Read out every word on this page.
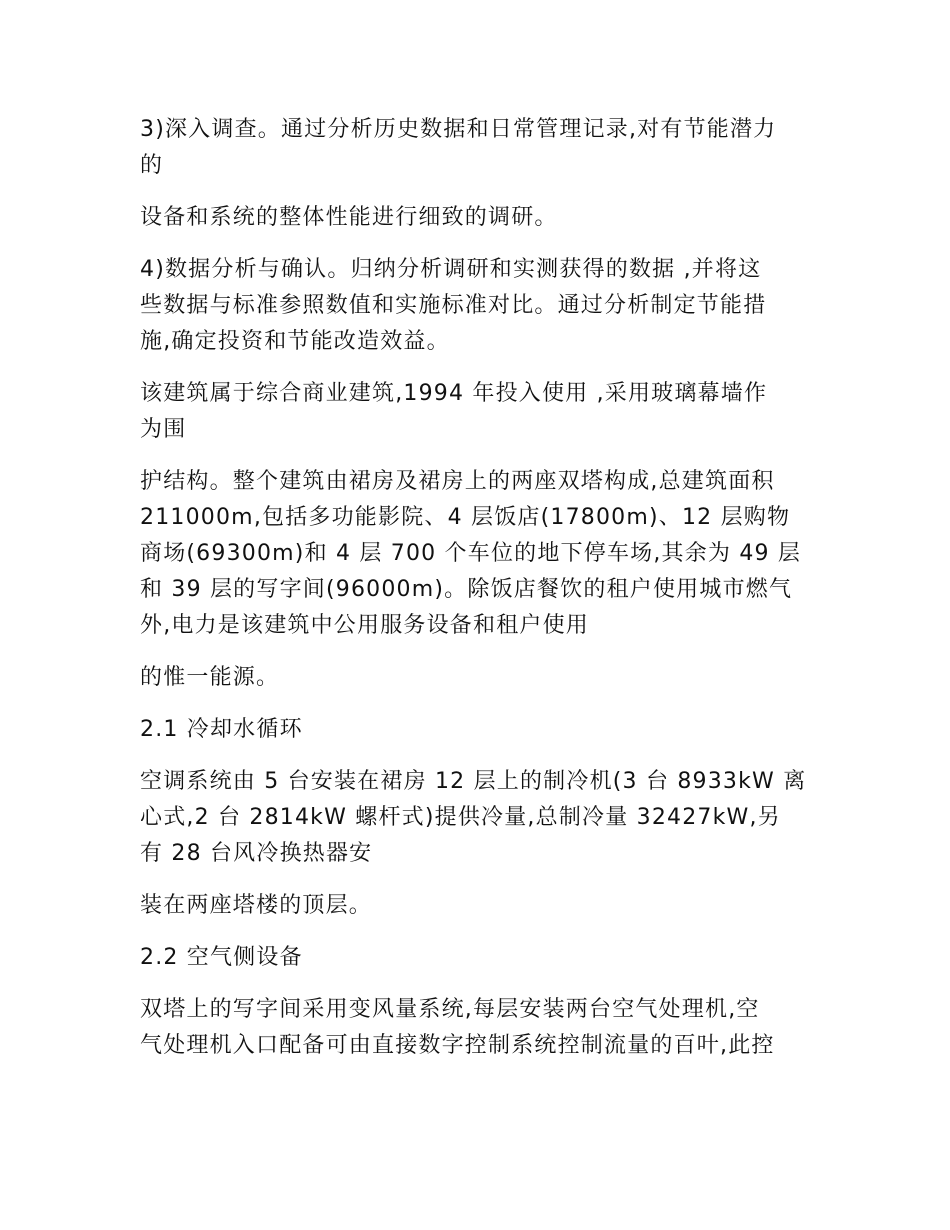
3)深入调查。通过分析历史数据和日常管理记录,对有节能潜力
的

设备和系统的整体性能进行细致的调研。

4)数据分析与确认。归纳分析调研和实测获得的数据 ,并将这
些数据与标准参照数值和实施标准对比。通过分析制定节能措
施,确定投资和节能改造效益。

该建筑属于综合商业建筑,1994 年投入使用 ,采用玻璃幕墙作
为围

护结构。整个建筑由裙房及裙房上的两座双塔构成,总建筑面积
211000m,包括多功能影院、4 层饭店(17800m)、12 层购物
商场(69300m)和 4 层 700 个车位的地下停车场,其余为 49 层
和 39 层的写字间(96000m)。除饭店餐饮的租户使用城市燃气
外,电力是该建筑中公用服务设备和租户使用

的惟一能源。

2.1 冷却水循环

空调系统由 5 台安装在裙房 12 层上的制冷机(3 台 8933kW 离
心式,2 台 2814kW 螺杆式)提供冷量,总制冷量 32427kW,另
有 28 台风冷换热器安

装在两座塔楼的顶层。

2.2 空气侧设备

双塔上的写字间采用变风量系统,每层安装两台空气处理机,空
气处理机入口配备可由直接数字控制系统控制流量的百叶,此控
